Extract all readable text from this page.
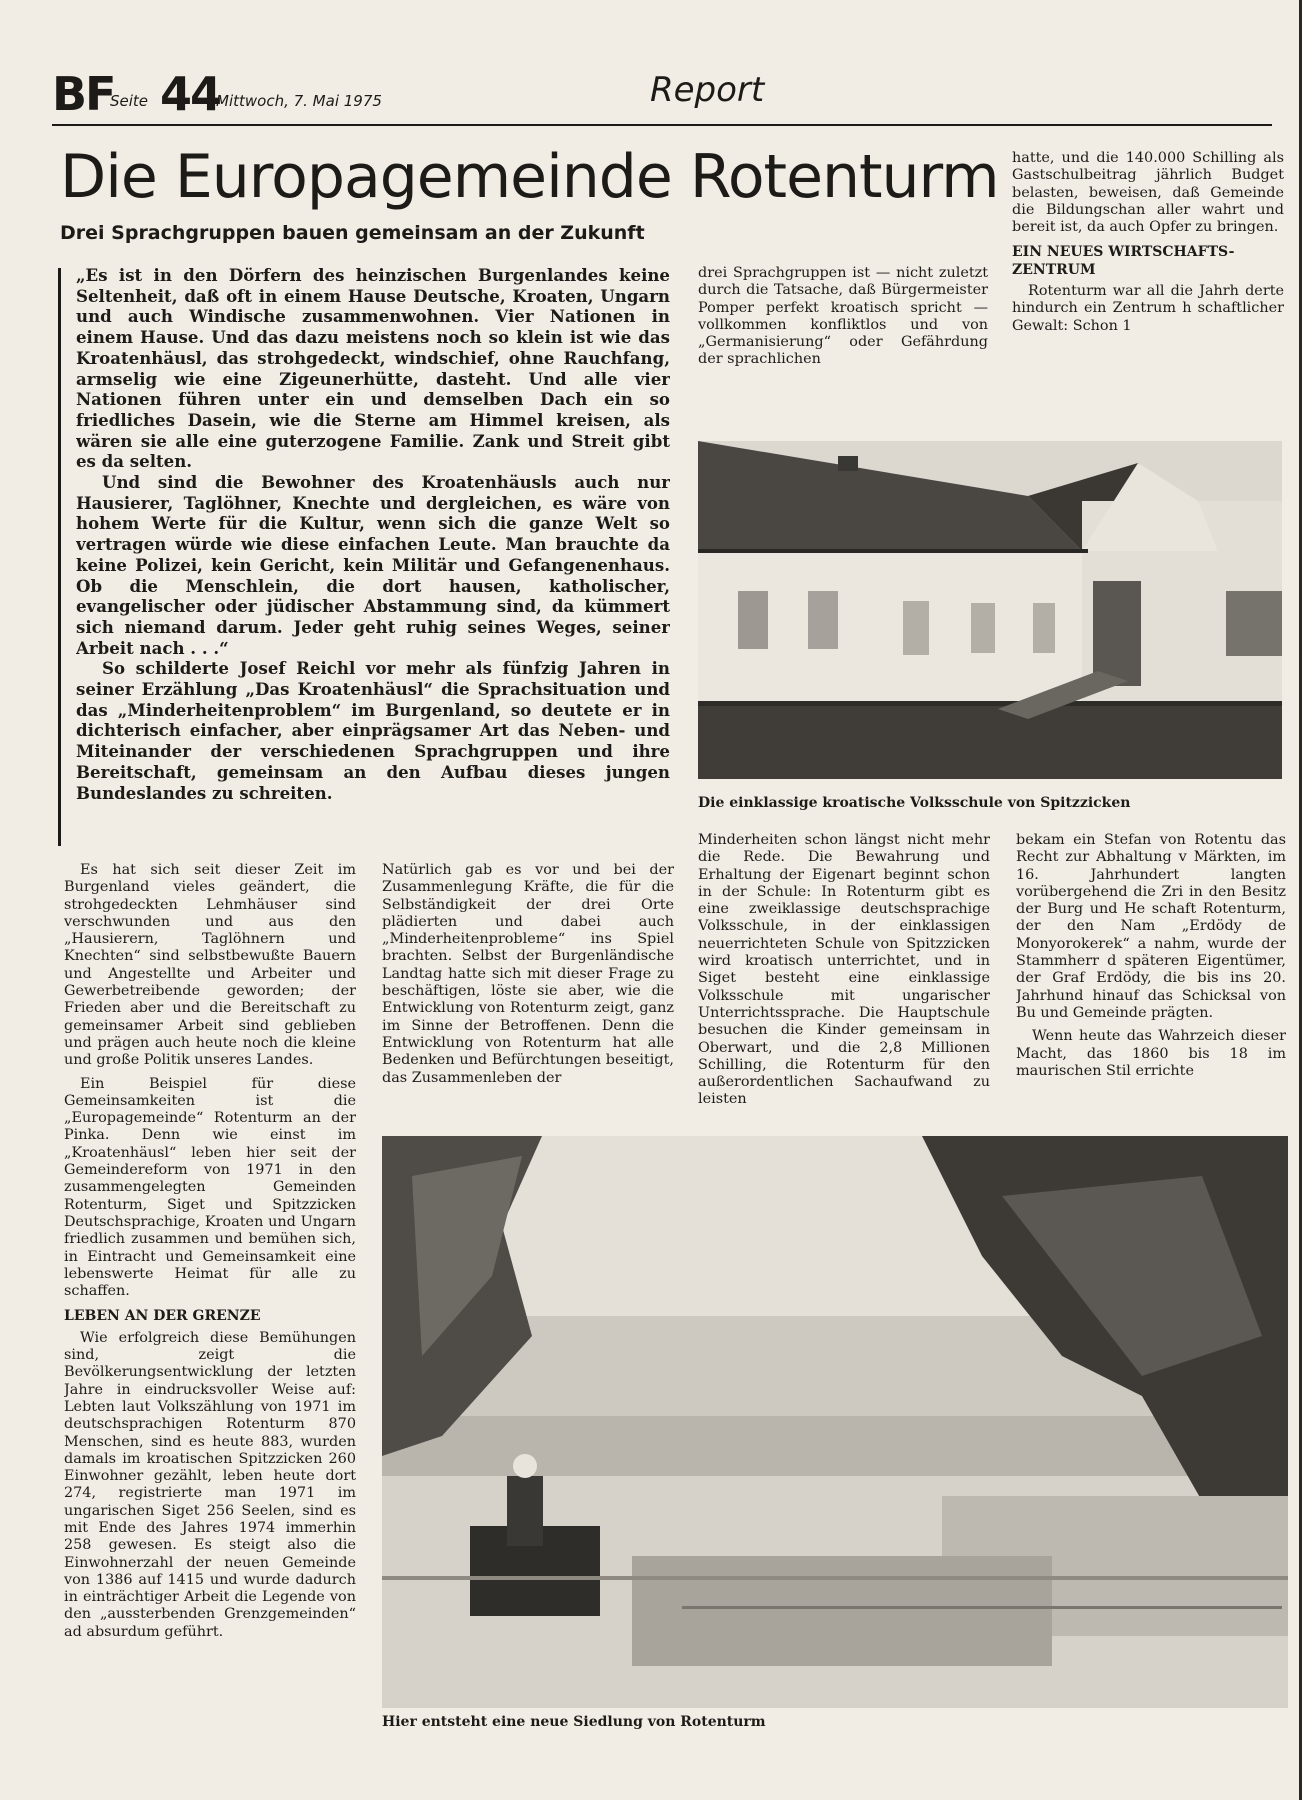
BF
Seite 44
Mittwoch, 7. Mai 1975	Report
Die Europagemeinde Rotenturm
Drei Sprachgruppen bauen gemeinsam an der Zukunft

hatte, und die 140.000 Schilling als Gastschulbeitrag jährlich Budget belasten, beweisen, daß Gemeinde die Bildungschan aller wahrt und bereit ist, da auch Opfer zu bringen.

EIN NEUES WIRTSCHAFTS-ZENTRUM

Rotenturm war all die Jahrh derte hindurch ein Zentrum h schaftlicher Gewalt: Schon 1

„Es ist in den Dörfern des heinzischen Burgenlandes keine Seltenheit, daß oft in einem Hause Deutsche, Kroaten, Ungarn und auch Windische zusammenwohnen. Vier Nationen in einem Hause. Und das dazu meistens noch so klein ist wie das Kroatenhäusl, das strohgedeckt, windschief, ohne Rauchfang, armselig wie eine Zigeunerhütte, dasteht. Und alle vier Nationen führen unter ein und demselben Dach ein so friedliches Dasein, wie die Sterne am Himmel kreisen, als wären sie alle eine guterzogene Familie. Zank und Streit gibt es da selten.

Und sind die Bewohner des Kroatenhäusls auch nur Hausierer, Taglöhner, Knechte und dergleichen, es wäre von hohem Werte für die Kultur, wenn sich die ganze Welt so vertragen würde wie diese einfachen Leute. Man brauchte da keine Polizei, kein Gericht, kein Militär und Gefangenenhaus. Ob die Menschlein, die dort hausen, katholischer, evangelischer oder jüdischer Abstammung sind, da kümmert sich niemand darum. Jeder geht ruhig seines Weges, seiner Arbeit nach . . .“

So schilderte Josef Reichl vor mehr als fünfzig Jahren in seiner Erzählung „Das Kroatenhäusl“ die Sprachsituation und das „Minderheitenproblem“ im Burgenland, so deutete er in dichterisch einfacher, aber einprägsamer Art das Neben- und Miteinander der verschiedenen Sprachgruppen und ihre Bereitschaft, gemeinsam an den Aufbau dieses jungen Bundeslandes zu schreiten.

drei Sprachgruppen ist — nicht zuletzt durch die Tatsache, daß Bürgermeister Pomper perfekt kroatisch spricht — vollkommen konfliktlos und von „Germanisierung“ oder Gefährdung der sprachlichen

Die einklassige kroatische Volksschule von Spitzzicken

Es hat sich seit dieser Zeit im Burgenland vieles geändert, die strohgedeckten Lehmhäuser sind verschwunden und aus den „Hausierern, Taglöhnern und Knechten“ sind selbstbewußte Bauern und Angestellte und Arbeiter und Gewerbetreibende geworden; der Frieden aber und die Bereitschaft zu gemeinsamer Arbeit sind geblieben und prägen auch heute noch die kleine und große Politik unseres Landes.

Ein Beispiel für diese Gemeinsamkeiten ist die „Europagemeinde“ Rotenturm an der Pinka. Denn wie einst im „Kroatenhäusl“ leben hier seit der Gemeindereform von 1971 in den zusammengelegten Gemeinden Rotenturm, Siget und Spitzzicken Deutschsprachige, Kroaten und Ungarn friedlich zusammen und bemühen sich, in Eintracht und Gemeinsamkeit eine lebenswerte Heimat für alle zu schaffen.

LEBEN AN DER GRENZE

Wie erfolgreich diese Bemühungen sind, zeigt die Bevölkerungsentwicklung der letzten Jahre in eindrucksvoller Weise auf: Lebten laut Volkszählung von 1971 im deutschsprachigen Rotenturm 870 Menschen, sind es heute 883, wurden damals im kroatischen Spitzzicken 260 Einwohner gezählt, leben heute dort 274, registrierte man 1971 im ungarischen Siget 256 Seelen, sind es mit Ende des Jahres 1974 immerhin 258 gewesen. Es steigt also die Einwohnerzahl der neuen Gemeinde von 1386 auf 1415 und wurde dadurch in einträchtiger Arbeit die Legende von den „aussterbenden Grenzgemeinden“ ad absurdum geführt.

Natürlich gab es vor und bei der Zusammenlegung Kräfte, die für die Selbständigkeit der drei Orte plädierten und dabei auch „Minderheitenprobleme“ ins Spiel brachten. Selbst der Burgenländische Landtag hatte sich mit dieser Frage zu beschäftigen, löste sie aber, wie die Entwicklung von Rotenturm zeigt, ganz im Sinne der Betroffenen. Denn die Entwicklung von Rotenturm hat alle Bedenken und Befürchtungen beseitigt, das Zusammenleben der

Minderheiten schon längst nicht mehr die Rede. Die Bewahrung und Erhaltung der Eigenart beginnt schon in der Schule: In Rotenturm gibt es eine zweiklassige deutschsprachige Volksschule, in der einklassigen neuerrichteten Schule von Spitzzicken wird kroatisch unterrichtet, und in Siget besteht eine einklassige Volksschule mit ungarischer Unterrichtssprache. Die Hauptschule besuchen die Kinder gemeinsam in Oberwart, und die 2,8 Millionen Schilling, die Rotenturm für den außerordentlichen Sachaufwand zu leisten

bekam ein Stefan von Rotentu das Recht zur Abhaltung v Märkten, im 16. Jahrhundert langten vorübergehend die Zri in den Besitz der Burg und He schaft Rotenturm, der den Nam „Erdödy de Monyorokerek“ a nahm, wurde der Stammherr d späteren Eigentümer, der Graf Erdödy, die bis ins 20. Jahrhund hinauf das Schicksal von Bu und Gemeinde prägten.

Wenn heute das Wahrzeich dieser Macht, das 1860 bis 18 im maurischen Stil errichte

Hier entsteht eine neue Siedlung von Rotenturm
